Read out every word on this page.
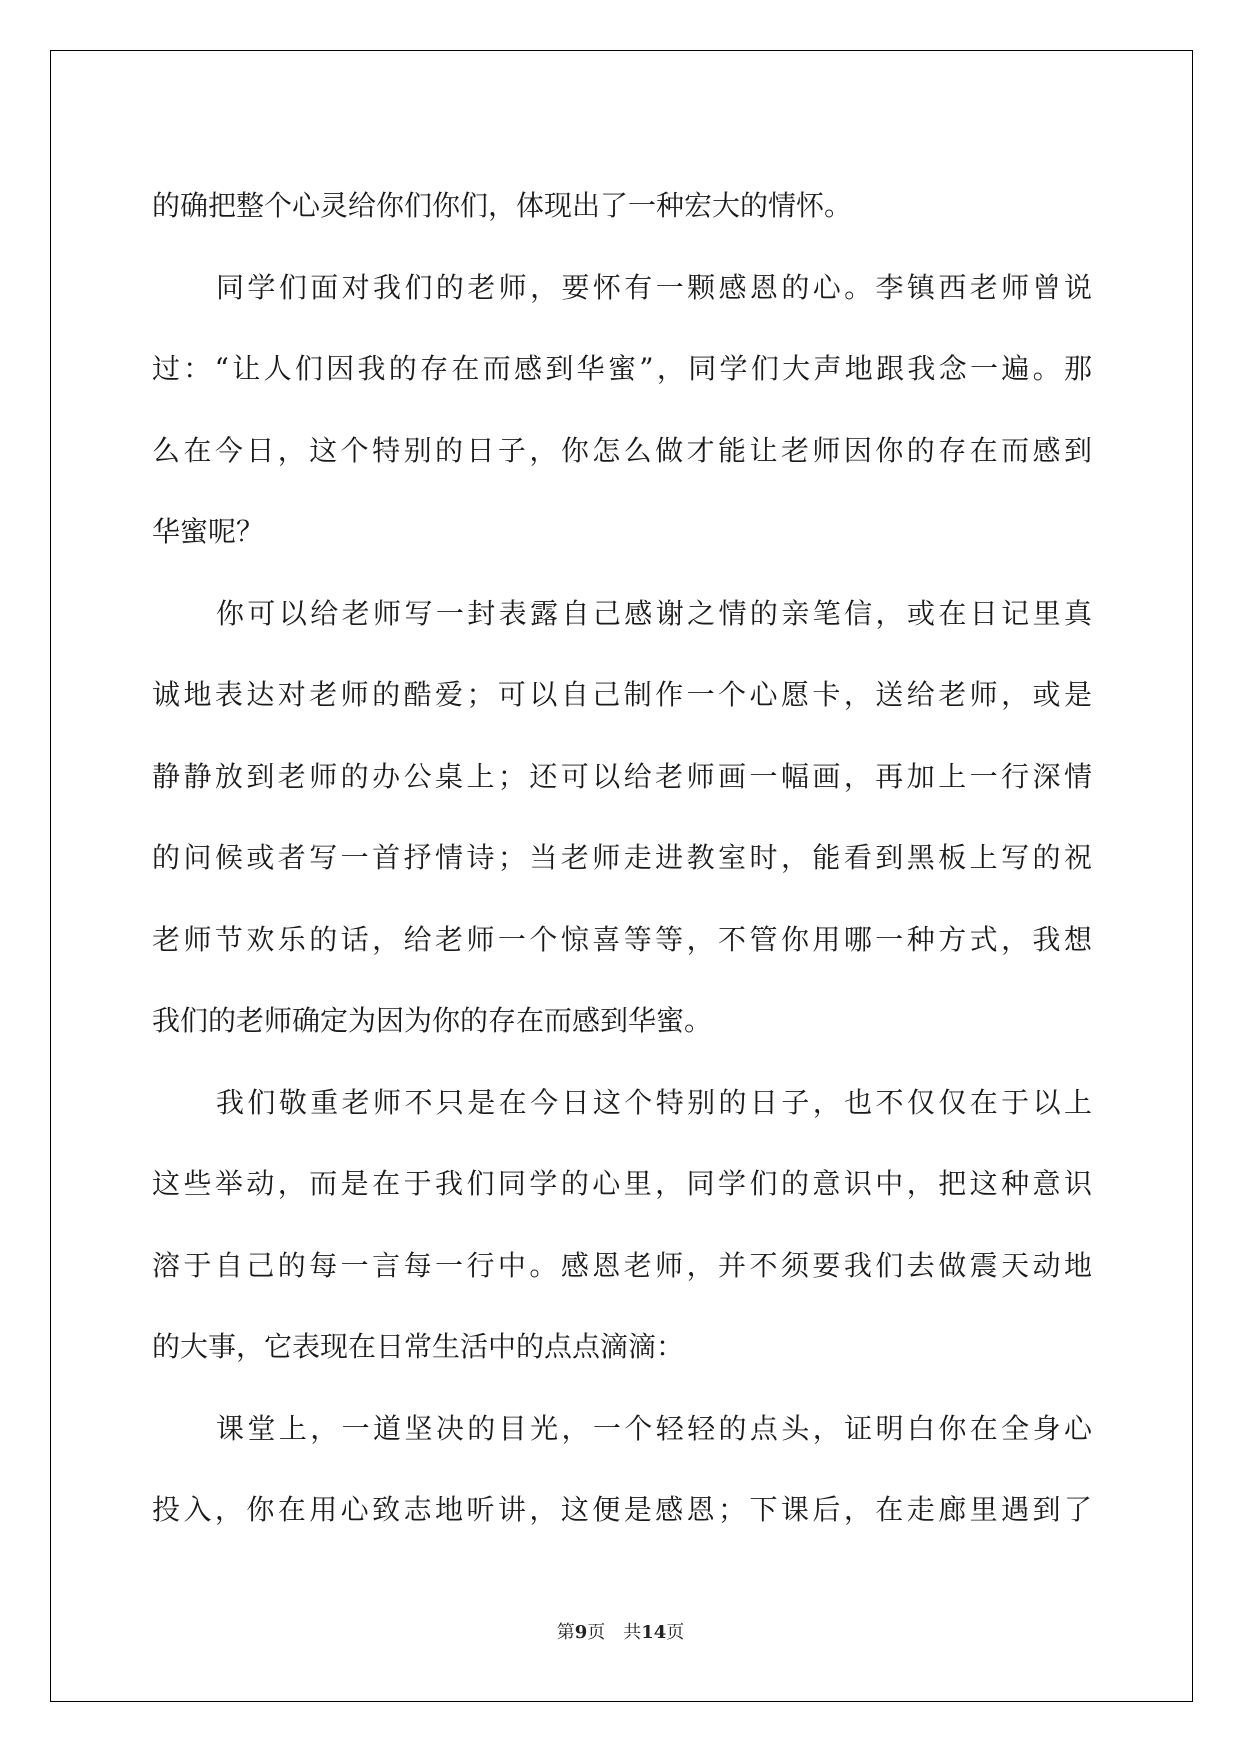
的确把整个心灵给你们你们，体现出了一种宏大的情怀。
同学们面对我们的老师，要怀有一颗感恩的心。李镇西老师曾说
过：“让人们因我的存在而感到华蜜”，同学们大声地跟我念一遍。那
么在今日，这个特别的日子，你怎么做才能让老师因你的存在而感到
华蜜呢？
你可以给老师写一封表露自己感谢之情的亲笔信，或在日记里真
诚地表达对老师的酷爱；可以自己制作一个心愿卡，送给老师，或是
静静放到老师的办公桌上；还可以给老师画一幅画，再加上一行深情
的问候或者写一首抒情诗；当老师走进教室时，能看到黑板上写的祝
老师节欢乐的话，给老师一个惊喜等等，不管你用哪一种方式，我想
我们的老师确定为因为你的存在而感到华蜜。
我们敬重老师不只是在今日这个特别的日子，也不仅仅在于以上
这些举动，而是在于我们同学的心里，同学们的意识中，把这种意识
溶于自己的每一言每一行中。感恩老师，并不须要我们去做震天动地
的大事，它表现在日常生活中的点点滴滴：
课堂上，一道坚决的目光，一个轻轻的点头，证明白你在全身心
投入，你在用心致志地听讲，这便是感恩；下课后，在走廊里遇到了
第9页 共14页
